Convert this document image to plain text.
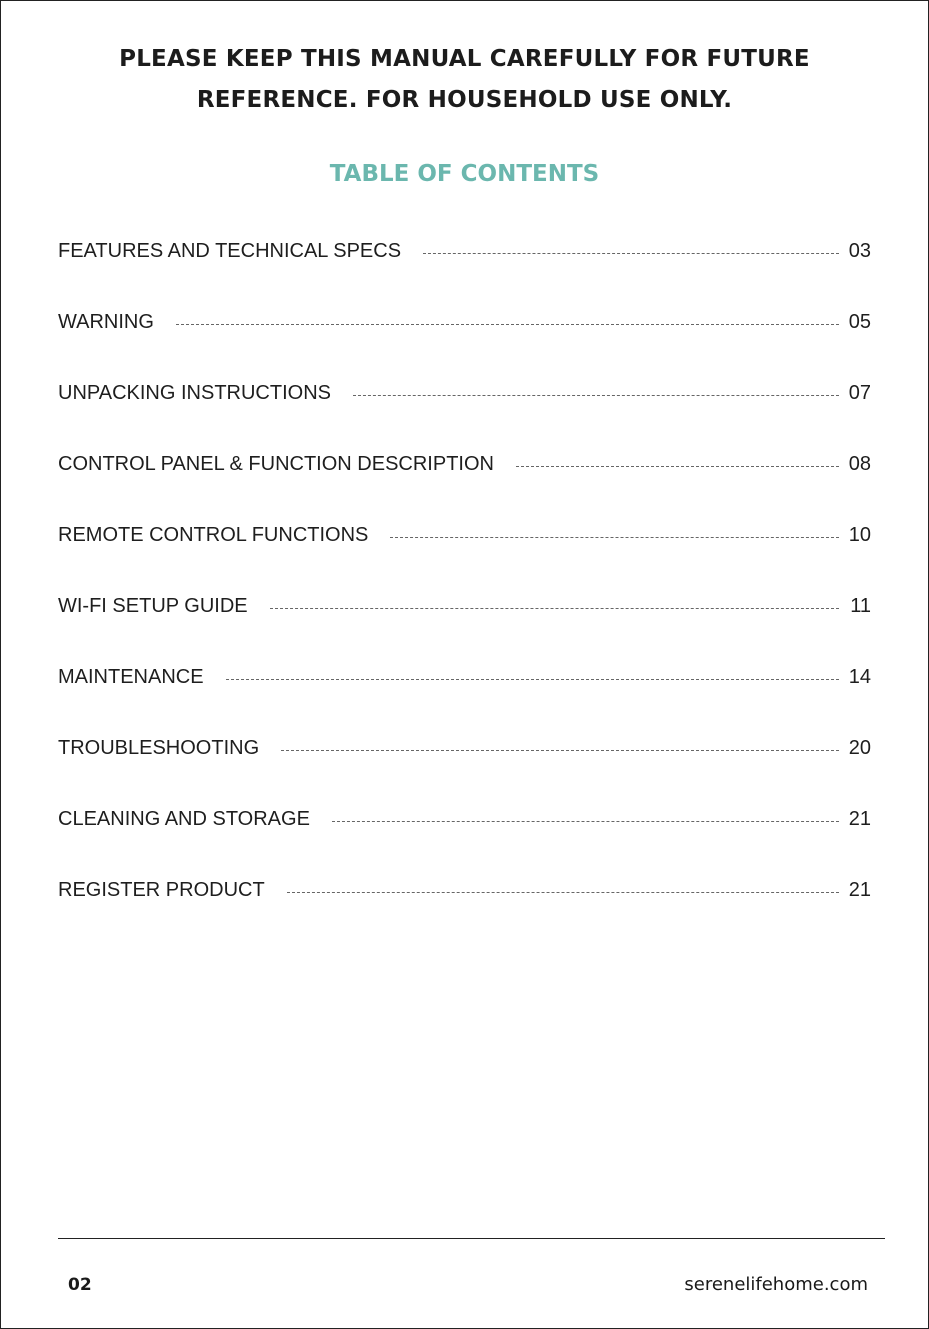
PLEASE KEEP THIS MANUAL CAREFULLY FOR FUTURE
REFERENCE. FOR HOUSEHOLD USE ONLY.
TABLE OF CONTENTS
FEATURES AND TECHNICAL SPECS	03
WARNING	05
UNPACKING INSTRUCTIONS	07
CONTROL PANEL & FUNCTION DESCRIPTION	08
REMOTE CONTROL FUNCTIONS	10
WI-FI SETUP GUIDE	11
MAINTENANCE	14
TROUBLESHOOTING	20
CLEANING AND STORAGE	21
REGISTER PRODUCT	21
02	serenelifehome.com
